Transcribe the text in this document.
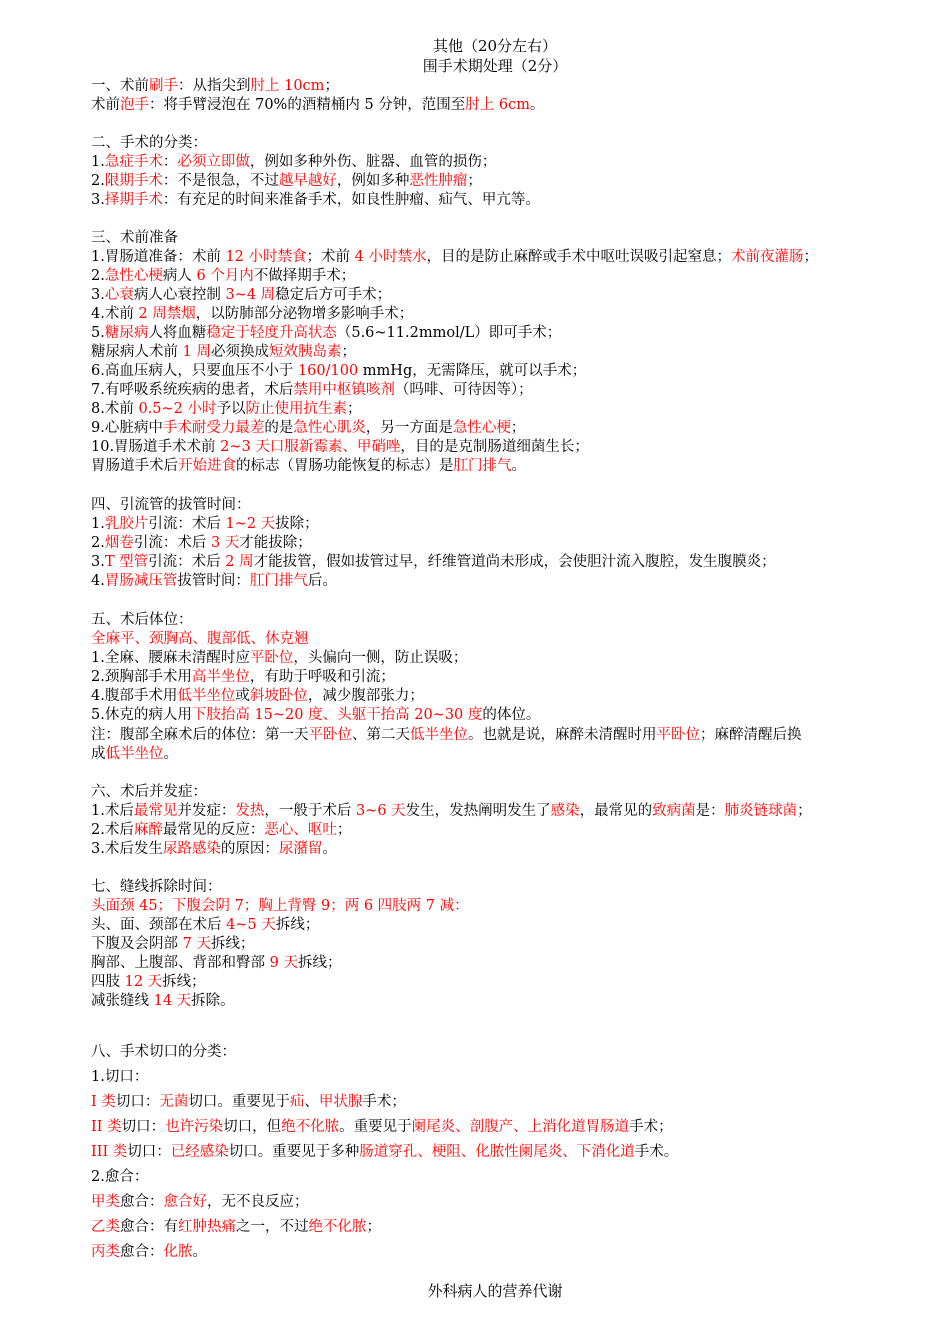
其他（20分左右）
围手术期处理（2分）
一、术前刷手：从指尖到肘上 10cm；
术前泡手：将手臂浸泡在 70%的酒精桶内 5 分钟，范围至肘上 6cm。
二、手术的分类：
1.急症手术：必须立即做，例如多种外伤、脏器、血管的损伤；
2.限期手术：不是很急，不过越早越好，例如多种恶性肿瘤；
3.择期手术：有充足的时间来准备手术，如良性肿瘤、疝气、甲亢等。
三、术前准备
1.胃肠道准备：术前 12 小时禁食；术前 4 小时禁水，目的是防止麻醉或手术中呕吐误吸引起窒息；术前夜灌肠；
2.急性心梗病人 6 个月内不做择期手术；
3.心衰病人心衰控制 3~4 周稳定后方可手术；
4.术前 2 周禁烟，以防肺部分泌物增多影响手术；
5.糖尿病人将血糖稳定于轻度升高状态（5.6~11.2mmol/L）即可手术；
糖尿病人术前 1 周必须换成短效胰岛素；
6.高血压病人，只要血压不小于 160/100 mmHg，无需降压，就可以手术；
7.有呼吸系统疾病的患者，术后禁用中枢镇咳剂（吗啡、可待因等）；
8.术前 0.5~2 小时予以防止使用抗生素；
9.心脏病中手术耐受力最差的是急性心肌炎，另一方面是急性心梗；
10.胃肠道手术术前 2~3 天口服新霉素、甲硝唑，目的是克制肠道细菌生长；
胃肠道手术后开始进食的标志（胃肠功能恢复的标志）是肛门排气。
四、引流管的拔管时间：
1.乳胶片引流：术后 1~2 天拔除；
2.烟卷引流：术后 3 天才能拔除；
3.T 型管引流：术后 2 周才能拔管，假如拔管过早，纤维管道尚未形成，会使胆汁流入腹腔，发生腹膜炎；
4.胃肠减压管拔管时间：肛门排气后。
五、术后体位：
全麻平、颈胸高、腹部低、休克翘
1.全麻、腰麻未清醒时应平卧位，头偏向一侧，防止误吸；
2.颈胸部手术用高半坐位，有助于呼吸和引流；
4.腹部手术用低半坐位或斜坡卧位，减少腹部张力；
5.休克的病人用下肢抬高 15~20 度、头躯干抬高 20~30 度的体位。
注：腹部全麻术后的体位：第一天平卧位、第二天低半坐位。也就是说，麻醉未清醒时用平卧位；麻醉清醒后换
成低半坐位。
六、术后并发症：
1.术后最常见并发症：发热，一般于术后 3~6 天发生，发热阐明发生了感染，最常见的致病菌是：肺炎链球菌；
2.术后麻醉最常见的反应：恶心、呕吐；
3.术后发生尿路感染的原因：尿潴留。
七、缝线拆除时间：
头面颈 45；下腹会阴 7；胸上背臀 9；两 6 四肢两 7 减：
头、面、颈部在术后 4~5 天拆线；
下腹及会阴部 7 天拆线；
胸部、上腹部、背部和臀部 9 天拆线；
四肢 12 天拆线；
减张缝线 14 天拆除。
八、手术切口的分类：
1.切口：
I 类切口：无菌切口。重要见于疝、甲状腺手术；
II 类切口：也许污染切口，但绝不化脓。重要见于阑尾炎、剖腹产、上消化道胃肠道手术；
III 类切口：已经感染切口。重要见于多种肠道穿孔、梗阻、化脓性阑尾炎、下消化道手术。
2.愈合：
甲类愈合：愈合好，无不良反应；
乙类愈合：有红肿热痛之一，不过绝不化脓；
丙类愈合：化脓。
外科病人的营养代谢
